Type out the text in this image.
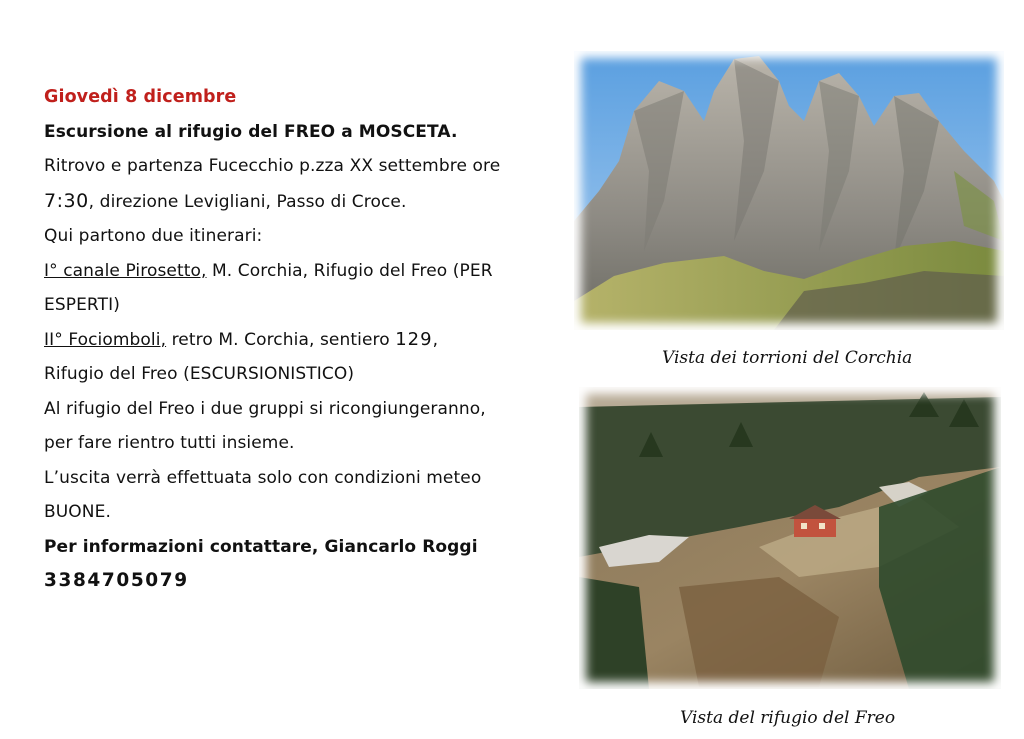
Giovedì 8 dicembre
Escursione al rifugio del FREO a MOSCETA.
Ritrovo e partenza Fucecchio p.zza XX settembre ore
7:30, direzione Levigliani, Passo di Croce.
Qui partono due itinerari:
I° canale Pirosetto, M. Corchia, Rifugio del Freo (PER
ESPERTI)
II° Fociomboli, retro M. Corchia, sentiero 129,
Rifugio del Freo (ESCURSIONISTICO)
Al rifugio del Freo i due gruppi si ricongiungeranno,
per fare rientro tutti insieme.
L’uscita verrà effettuata solo con condizioni meteo
BUONE.
Per informazioni contattare, Giancarlo Roggi
3384705079
Vista dei torrioni del Corchia
Vista del rifugio del Freo
